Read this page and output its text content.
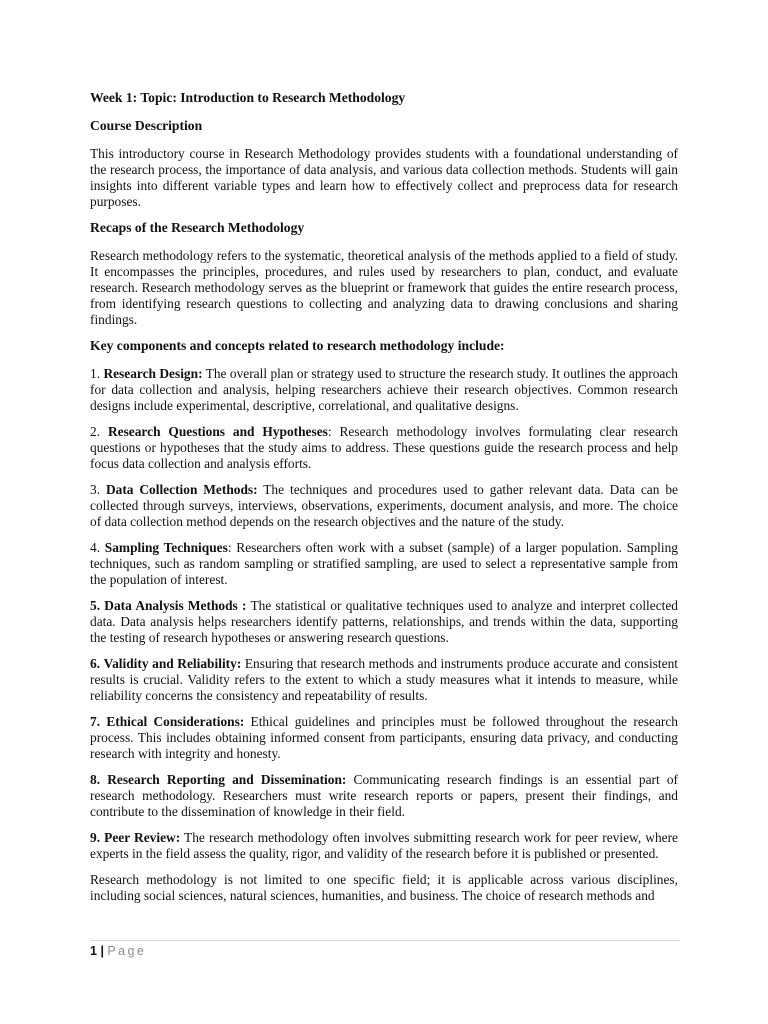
Week 1: Topic: Introduction to Research Methodology

Course Description

This introductory course in Research Methodology provides students with a foundational understanding of the research process, the importance of data analysis, and various data collection methods. Students will gain insights into different variable types and learn how to effectively collect and preprocess data for research purposes.

Recaps of the Research Methodology

Research methodology refers to the systematic, theoretical analysis of the methods applied to a field of study. It encompasses the principles, procedures, and rules used by researchers to plan, conduct, and evaluate research. Research methodology serves as the blueprint or framework that guides the entire research process, from identifying research questions to collecting and analyzing data to drawing conclusions and sharing findings.

Key components and concepts related to research methodology include:

1. Research Design: The overall plan or strategy used to structure the research study. It outlines the approach for data collection and analysis, helping researchers achieve their research objectives. Common research designs include experimental, descriptive, correlational, and qualitative designs.

2. Research Questions and Hypotheses: Research methodology involves formulating clear research questions or hypotheses that the study aims to address. These questions guide the research process and help focus data collection and analysis efforts.

3. Data Collection Methods: The techniques and procedures used to gather relevant data. Data can be collected through surveys, interviews, observations, experiments, document analysis, and more. The choice of data collection method depends on the research objectives and the nature of the study.

4. Sampling Techniques: Researchers often work with a subset (sample) of a larger population. Sampling techniques, such as random sampling or stratified sampling, are used to select a representative sample from the population of interest.

5. Data Analysis Methods : The statistical or qualitative techniques used to analyze and interpret collected data. Data analysis helps researchers identify patterns, relationships, and trends within the data, supporting the testing of research hypotheses or answering research questions.

6. Validity and Reliability: Ensuring that research methods and instruments produce accurate and consistent results is crucial. Validity refers to the extent to which a study measures what it intends to measure, while reliability concerns the consistency and repeatability of results.

7. Ethical Considerations: Ethical guidelines and principles must be followed throughout the research process. This includes obtaining informed consent from participants, ensuring data privacy, and conducting research with integrity and honesty.

8. Research Reporting and Dissemination: Communicating research findings is an essential part of research methodology. Researchers must write research reports or papers, present their findings, and contribute to the dissemination of knowledge in their field.

9. Peer Review: The research methodology often involves submitting research work for peer review, where experts in the field assess the quality, rigor, and validity of the research before it is published or presented.

Research methodology is not limited to one specific field; it is applicable across various disciplines, including social sciences, natural sciences, humanities, and business. The choice of research methods and

1 | Page
